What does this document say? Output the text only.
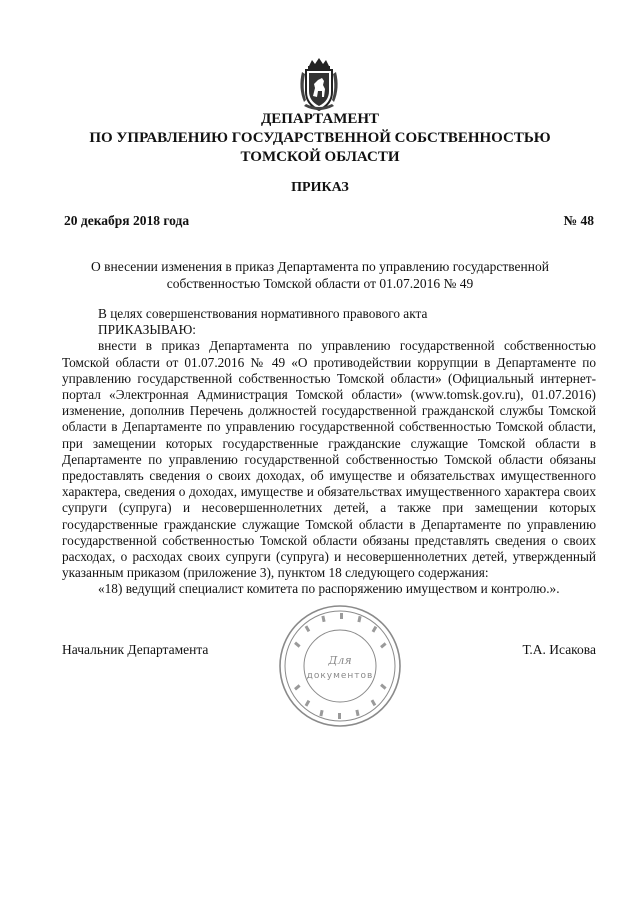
ДЕПАРТАМЕНТ
ПО УПРАВЛЕНИЮ ГОСУДАРСТВЕННОЙ СОБСТВЕННОСТЬЮ
ТОМСКОЙ ОБЛАСТИ
ПРИКАЗ
20 декабря 2018 года	№ 48
О внесении изменения в приказ Департамента по управлению государственной
собственностью Томской области от 01.07.2016 № 49

В целях совершенствования нормативного правового акта

ПРИКАЗЫВАЮ:

внести в приказ Департамента по управлению государственной собственностью Томской области от 01.07.2016 № 49 «О противодействии коррупции в Департаменте по управлению государственной собственностью Томской области» (Официальный интернет-портал «Электронная Администрация Томской области» (www.tomsk.gov.ru), 01.07.2016) изменение, дополнив Перечень должностей государственной гражданской службы Томской области в Департаменте по управлению государственной собственностью Томской области, при замещении которых государственные гражданские служащие Томской области в Департаменте по управлению государственной собственностью Томской области обязаны предоставлять сведения о своих доходах, об имуществе и обязательствах имущественного характера, сведения о доходах, имуществе и обязательствах имущественного характера своих супруги (супруга) и несовершеннолетних детей, а также при замещении которых государственные гражданские служащие Томской области в Департаменте по управлению государственной собственностью Томской области обязаны представлять сведения о своих расходах, о расходах своих супруги (супруга) и несовершеннолетних детей, утвержденный указанным приказом (приложение 3), пунктом 18 следующего содержания:

«18) ведущий специалист комитета по распоряжению имуществом и контролю.».

Для
документов
Начальник Департамента	Т.А. Исакова
